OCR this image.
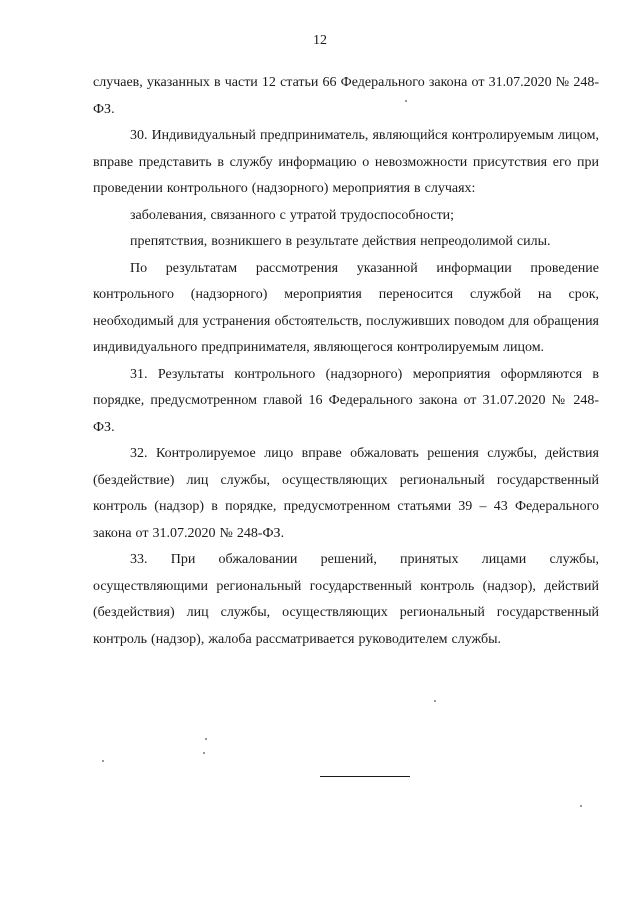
12

случаев, указанных в части 12 статьи 66 Федерального закона от 31.07.2020 № 248-ФЗ.

30. Индивидуальный предприниматель, являющийся контролируемым лицом, вправе представить в службу информацию о невозможности присутствия его при проведении контрольного (надзорного) мероприятия в случаях:

заболевания, связанного с утратой трудоспособности;

препятствия, возникшего в результате действия непреодолимой силы.

По результатам рассмотрения указанной информации проведение контрольного (надзорного) мероприятия переносится службой на срок, необходимый для устранения обстоятельств, послуживших поводом для обращения индивидуального предпринимателя, являющегося контролируемым лицом.

31. Результаты контрольного (надзорного) мероприятия оформляются в порядке, предусмотренном главой 16 Федерального закона от 31.07.2020 № 248-ФЗ.

32. Контролируемое лицо вправе обжаловать решения службы, действия (бездействие) лиц службы, осуществляющих региональный государственный контроль (надзор) в порядке, предусмотренном статьями 39 – 43 Федерального закона от 31.07.2020 № 248-ФЗ.

33. При обжаловании решений, принятых лицами службы, осуществляющими региональный государственный контроль (надзор), действий (бездействия) лиц службы, осуществляющих региональный государственный контроль (надзор), жалоба рассматривается руководителем службы.
